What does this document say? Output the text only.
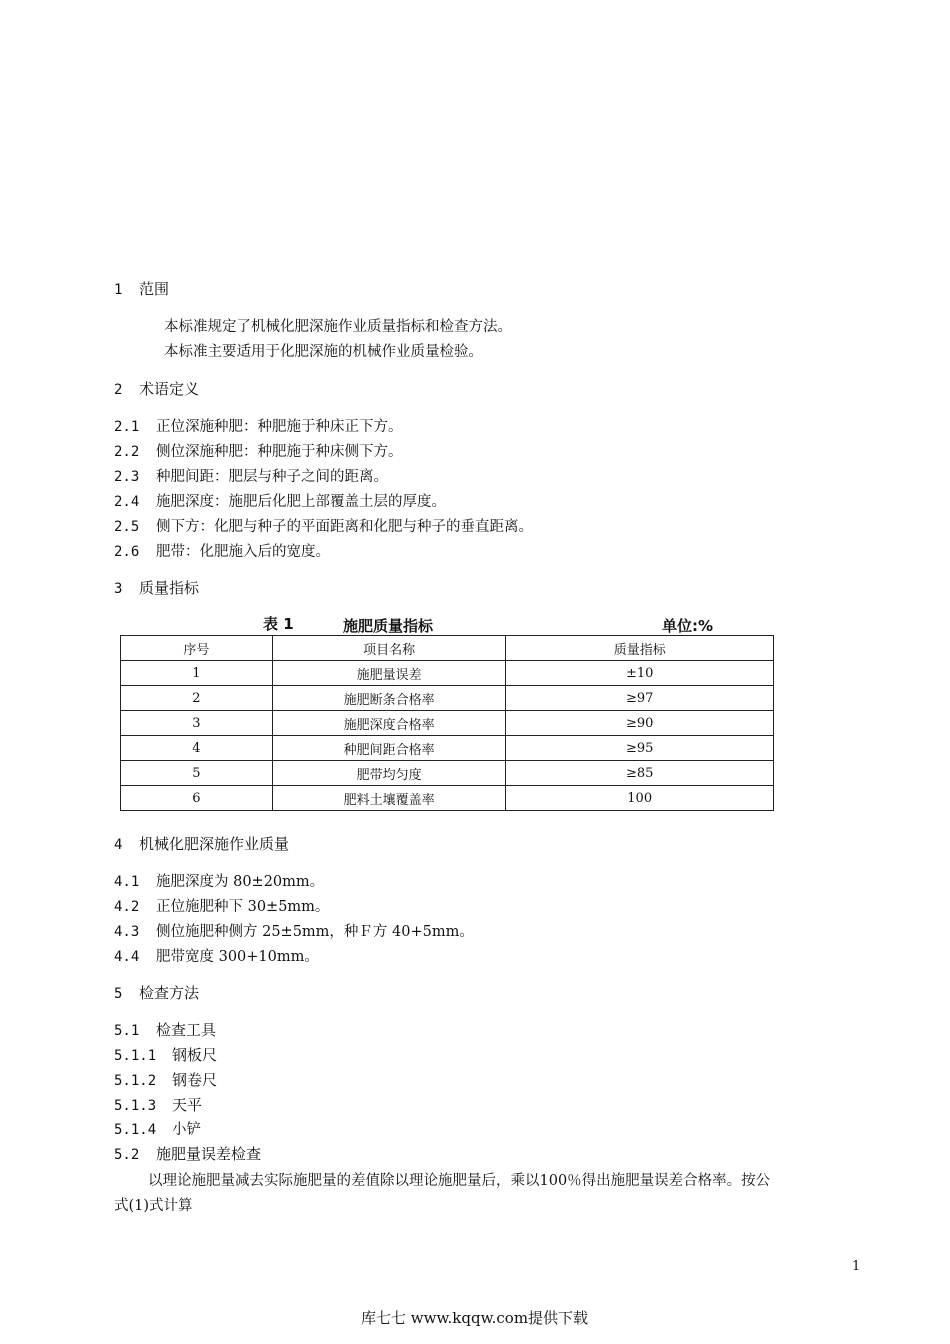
1 范围
本标准规定了机械化肥深施作业质量指标和检查方法。
本标准主要适用于化肥深施的机械作业质量检验。
2 术语定义
2.1 正位深施种肥：种肥施于种床正下方。
2.2 侧位深施种肥：种肥施于种床侧下方。
2.3 种肥间距：肥层与种子之间的距离。
2.4 施肥深度：施肥后化肥上部覆盖土层的厚度。
2.5 侧下方：化肥与种子的平面距离和化肥与种子的垂直距离。
2.6 肥带：化肥施入后的宽度。
3 质量指标
表 1	施肥质量指标	单位:%
序号	项目名称	质量指标
1	施肥量误差	±10
2	施肥断条合格率	≥97
3	施肥深度合格率	≥90
4	种肥间距合格率	≥95
5	肥带均匀度	≥85
6	肥料土壤覆盖率	100
4 机械化肥深施作业质量
4.1 施肥深度为 80±20mm。
4.2 正位施肥种下 30±5mm。
4.3 侧位施肥种侧方 25±5mm，种Ｆ方 40+5mm。
4.4 肥带宽度 300+10mm。
5 检查方法
5.1 检查工具
5.1.1 钢板尺
5.1.2 钢卷尺
5.1.3 天平
5.1.4 小铲
5.2 施肥量误差检查
以理论施肥量减去实际施肥量的差值除以理论施肥量后，乘以100％得出施肥量误差合格率。按公
式(1)式计算
1
库七七 www.kqqw.com提供下载
